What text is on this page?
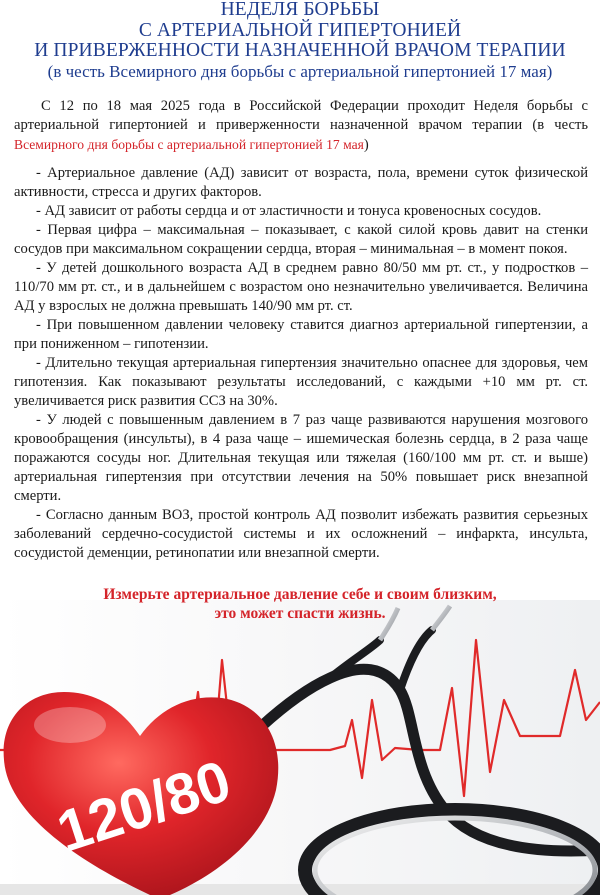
НЕДЕЛЯ БОРЬБЫ
С АРТЕРИАЛЬНОЙ ГИПЕРТОНИЕЙ
И ПРИВЕРЖЕННОСТИ НАЗНАЧЕННОЙ ВРАЧОМ ТЕРАПИИ
(в честь Всемирного дня борьбы с артериальной гипертонией 17 мая)
С 12 по 18 мая 2025 года в Российской Федерации проходит Неделя борьбы с артериальной гипертонией и приверженности назначенной врачом терапии (в честь Всемирного дня борьбы с артериальной гипертонией 17 мая)

- Артериальное давление (АД) зависит от возраста, пола, времени суток физической активности, стресса и других факторов.

- АД зависит от работы сердца и от эластичности и тонуса кровеносных сосудов.

- Первая цифра – максимальная – показывает, с какой силой кровь давит на стенки сосудов при максимальном сокращении сердца, вторая – минимальная – в момент покоя.

- У детей дошкольного возраста АД в среднем равно 80/50 мм рт. ст., у подростков – 110/70 мм рт. ст., и в дальнейшем с возрастом оно незначительно увеличивается. Величина АД у взрослых не должна превышать 140/90 мм рт. ст.

- При повышенном давлении человеку ставится диагноз артериальной гипертензии, а при пониженном – гипотензии.

- Длительно текущая артериальная гипертензия значительно опаснее для здоровья, чем гипотензия. Как показывают результаты исследований, с каждыми +10 мм рт. ст. увеличивается риск развития ССЗ на 30%.

- У людей с повышенным давлением в 7 раз чаще развиваются нарушения мозгового кровообращения (инсульты), в 4 раза чаще – ишемическая болезнь сердца, в 2 раза чаще поражаются сосуды ног. Длительная текущая или тяжелая (160/100 мм рт. ст. и выше) артериальная гипертензия при отсутствии лечения на 50% повышает риск внезапной смерти.

- Согласно данным ВОЗ, простой контроль АД позволит избежать развития серьезных заболеваний сердечно-сосудистой системы и их осложнений – инфаркта, инсульта, сосудистой деменции, ретинопатии или внезапной смерти.

120/80
Измерьте артериальное давление себе и своим близким,
это может спасти жизнь.
